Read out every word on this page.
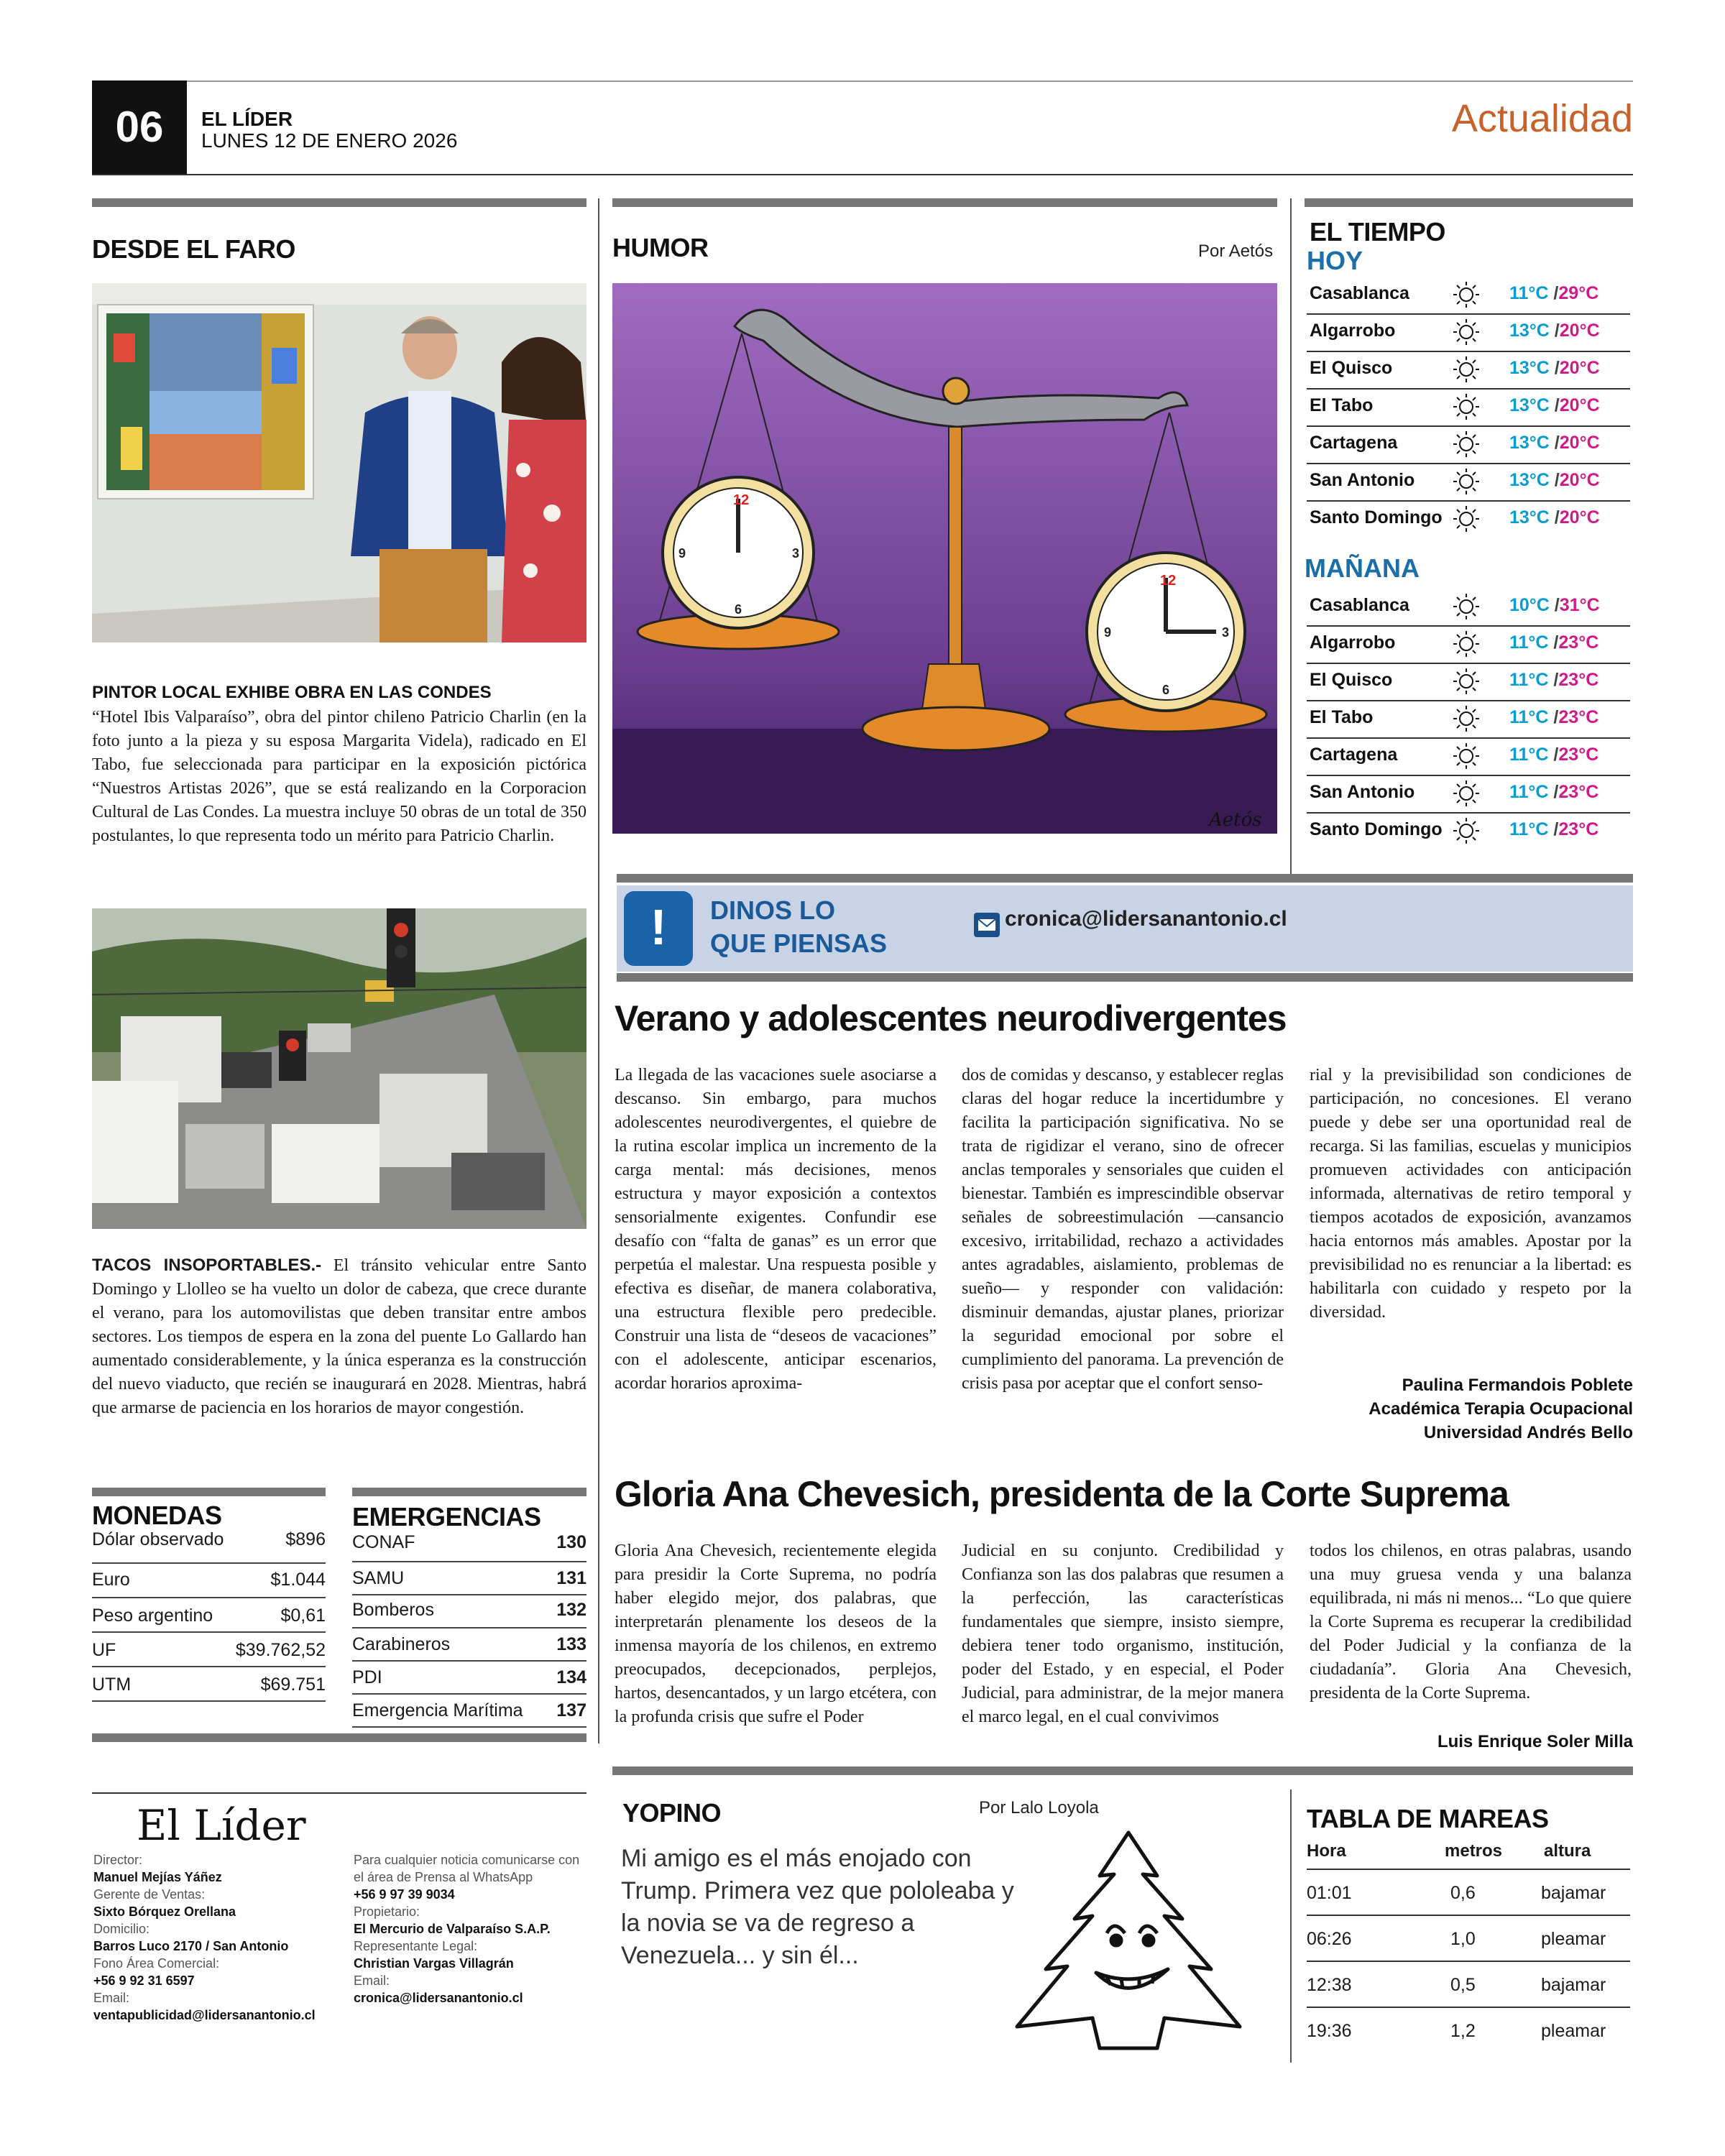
06	EL LÍDER
LUNES 12 DE ENERO 2026
Actualidad
DESDE EL FARO
PINTOR LOCAL EXHIBE OBRA EN LAS CONDES
“Hotel Ibis Valparaíso”, obra del pintor chileno Patricio Charlin (en la foto junto a la pieza y su esposa Margarita Videla), radicado en El Tabo, fue seleccionada para participar en la exposición pictórica “Nuestros Artistas 2026”, que se está realizando en la Corporacion Cultural de Las Condes. La muestra incluye 50 obras de un total de 350 postulantes, lo que representa todo un mérito para Patricio Charlin.
TACOS INSOPORTABLES.- El tránsito vehicular entre Santo Domingo y Llolleo se ha vuelto un dolor de cabeza, que crece durante el verano, para los automovilistas que deben transitar entre ambos sectores. Los tiempos de espera en la zona del puente Lo Gallardo han aumentado considerablemente, y la única esperanza es la construcción del nuevo viaducto, que recién se inaugurará en 2028. Mientras, habrá que armarse de paciencia en los horarios de mayor congestión.
MONEDAS
Dólar observado	$896
Euro	$1.044
Peso argentino	$0,61
UF	$39.762,52
UTM	$69.751
EMERGENCIAS
CONAF	130
SAMU	131
Bomberos	132
Carabineros	133
PDI	134
Emergencia Marítima 137
HUMOR	Por Aetós
12
3
6
9
12
3
6
9
Aetós
EL TIEMPO
HOY
Casablanca	11°C /29°C
Algarrobo	13°C /20°C
El Quisco	13°C /20°C
El Tabo	13°C /20°C
Cartagena	13°C /20°C
San Antonio	13°C /20°C
Santo Domingo	13°C /20°C
MAÑANA
Casablanca	10°C /31°C
Algarrobo	11°C /23°C
El Quisco	11°C /23°C
El Tabo	11°C /23°C
Cartagena	11°C /23°C
San Antonio	11°C /23°C
Santo Domingo	11°C /23°C
!	DINOS LO
QUE PIENSAS
cronica@lidersanantonio.cl
Verano y adolescentes neurodivergentes
La llegada de las vacaciones suele asociarse a descanso. Sin embargo, para muchos adolescentes neurodivergentes, el quiebre de la rutina escolar implica un incremento de la carga mental: más decisiones, menos estructura y mayor exposición a contextos sensorialmente exigentes. Confundir ese desafío con “falta de ganas” es un error que perpetúa el malestar. Una respuesta posible y efectiva es diseñar, de manera colaborativa, una estructura flexible pero predecible. Construir una lista de “deseos de vacaciones” con el adolescente, anticipar escenarios, acordar horarios aproxima-
dos de comidas y descanso, y establecer reglas claras del hogar reduce la incertidumbre y facilita la participación significativa. No se trata de rigidizar el verano, sino de ofrecer anclas temporales y sensoriales que cuiden el bienestar. También es imprescindible observar señales de sobreestimulación —cansancio excesivo, irritabilidad, rechazo a actividades antes agradables, aislamiento, problemas de sueño— y responder con validación: disminuir demandas, ajustar planes, priorizar la seguridad emocional por sobre el cumplimiento del panorama. La prevención de crisis pasa por aceptar que el confort senso-
rial y la previsibilidad son condiciones de participación, no concesiones. El verano puede y debe ser una oportunidad real de recarga. Si las familias, escuelas y municipios promueven actividades con anticipación informada, alternativas de retiro temporal y tiempos acotados de exposición, avanzamos hacia entornos más amables. Apostar por la previsibilidad no es renunciar a la libertad: es habilitarla con cuidado y respeto por la diversidad.
Paulina Fermandois Poblete
Académica Terapia Ocupacional
Universidad Andrés Bello
Gloria Ana Chevesich, presidenta de la Corte Suprema
Gloria Ana Chevesich, recientemente elegida para presidir la Corte Suprema, no podría haber elegido mejor, dos palabras, que interpretarán plenamente los deseos de la inmensa mayoría de los chilenos, en extremo preocupados, decepcionados, perplejos, hartos, desencantados, y un largo etcétera, con la profunda crisis que sufre el Poder
Judicial en su conjunto. Credibilidad y Confianza son las dos palabras que resumen a la perfección, las características fundamentales que siempre, insisto siempre, debiera tener todo organismo, institución, poder del Estado, y en especial, el Poder Judicial, para administrar, de la mejor manera el marco legal, en el cual convivimos
todos los chilenos, en otras palabras, usando una muy gruesa venda y una balanza equilibrada, ni más ni menos... “Lo que quiere la Corte Suprema es recuperar la credibilidad del Poder Judicial y la confianza de la ciudadanía”. Gloria Ana Chevesich, presidenta de la Corte Suprema.
Luis Enrique Soler Milla
El Líder
Director:
Manuel Mejías Yáñez
Gerente de Ventas:
Sixto Bórquez Orellana
Domicilio:
Barros Luco 2170 / San Antonio
Fono Área Comercial:
+56 9 92 31 6597
Email:
ventapublicidad@lidersanantonio.cl
Para cualquier noticia comunicarse con el área de Prensa al WhatsApp
+56 9 97 39 9034
Propietario:
El Mercurio de Valparaíso S.A.P.
Representante Legal:
Christian Vargas Villagrán
Email:
cronica@lidersanantonio.cl
YOPINO	Por Lalo Loyola
Mi amigo es el más enojado con Trump. Primera vez que pololeaba y la novia se va de regreso a Venezuela... y sin él...
TABLA DE MAREAS
Hora	metros altura
01:01	0,6	bajamar
06:26	1,0	pleamar
12:38	0,5	bajamar
19:36	1,2	pleamar
